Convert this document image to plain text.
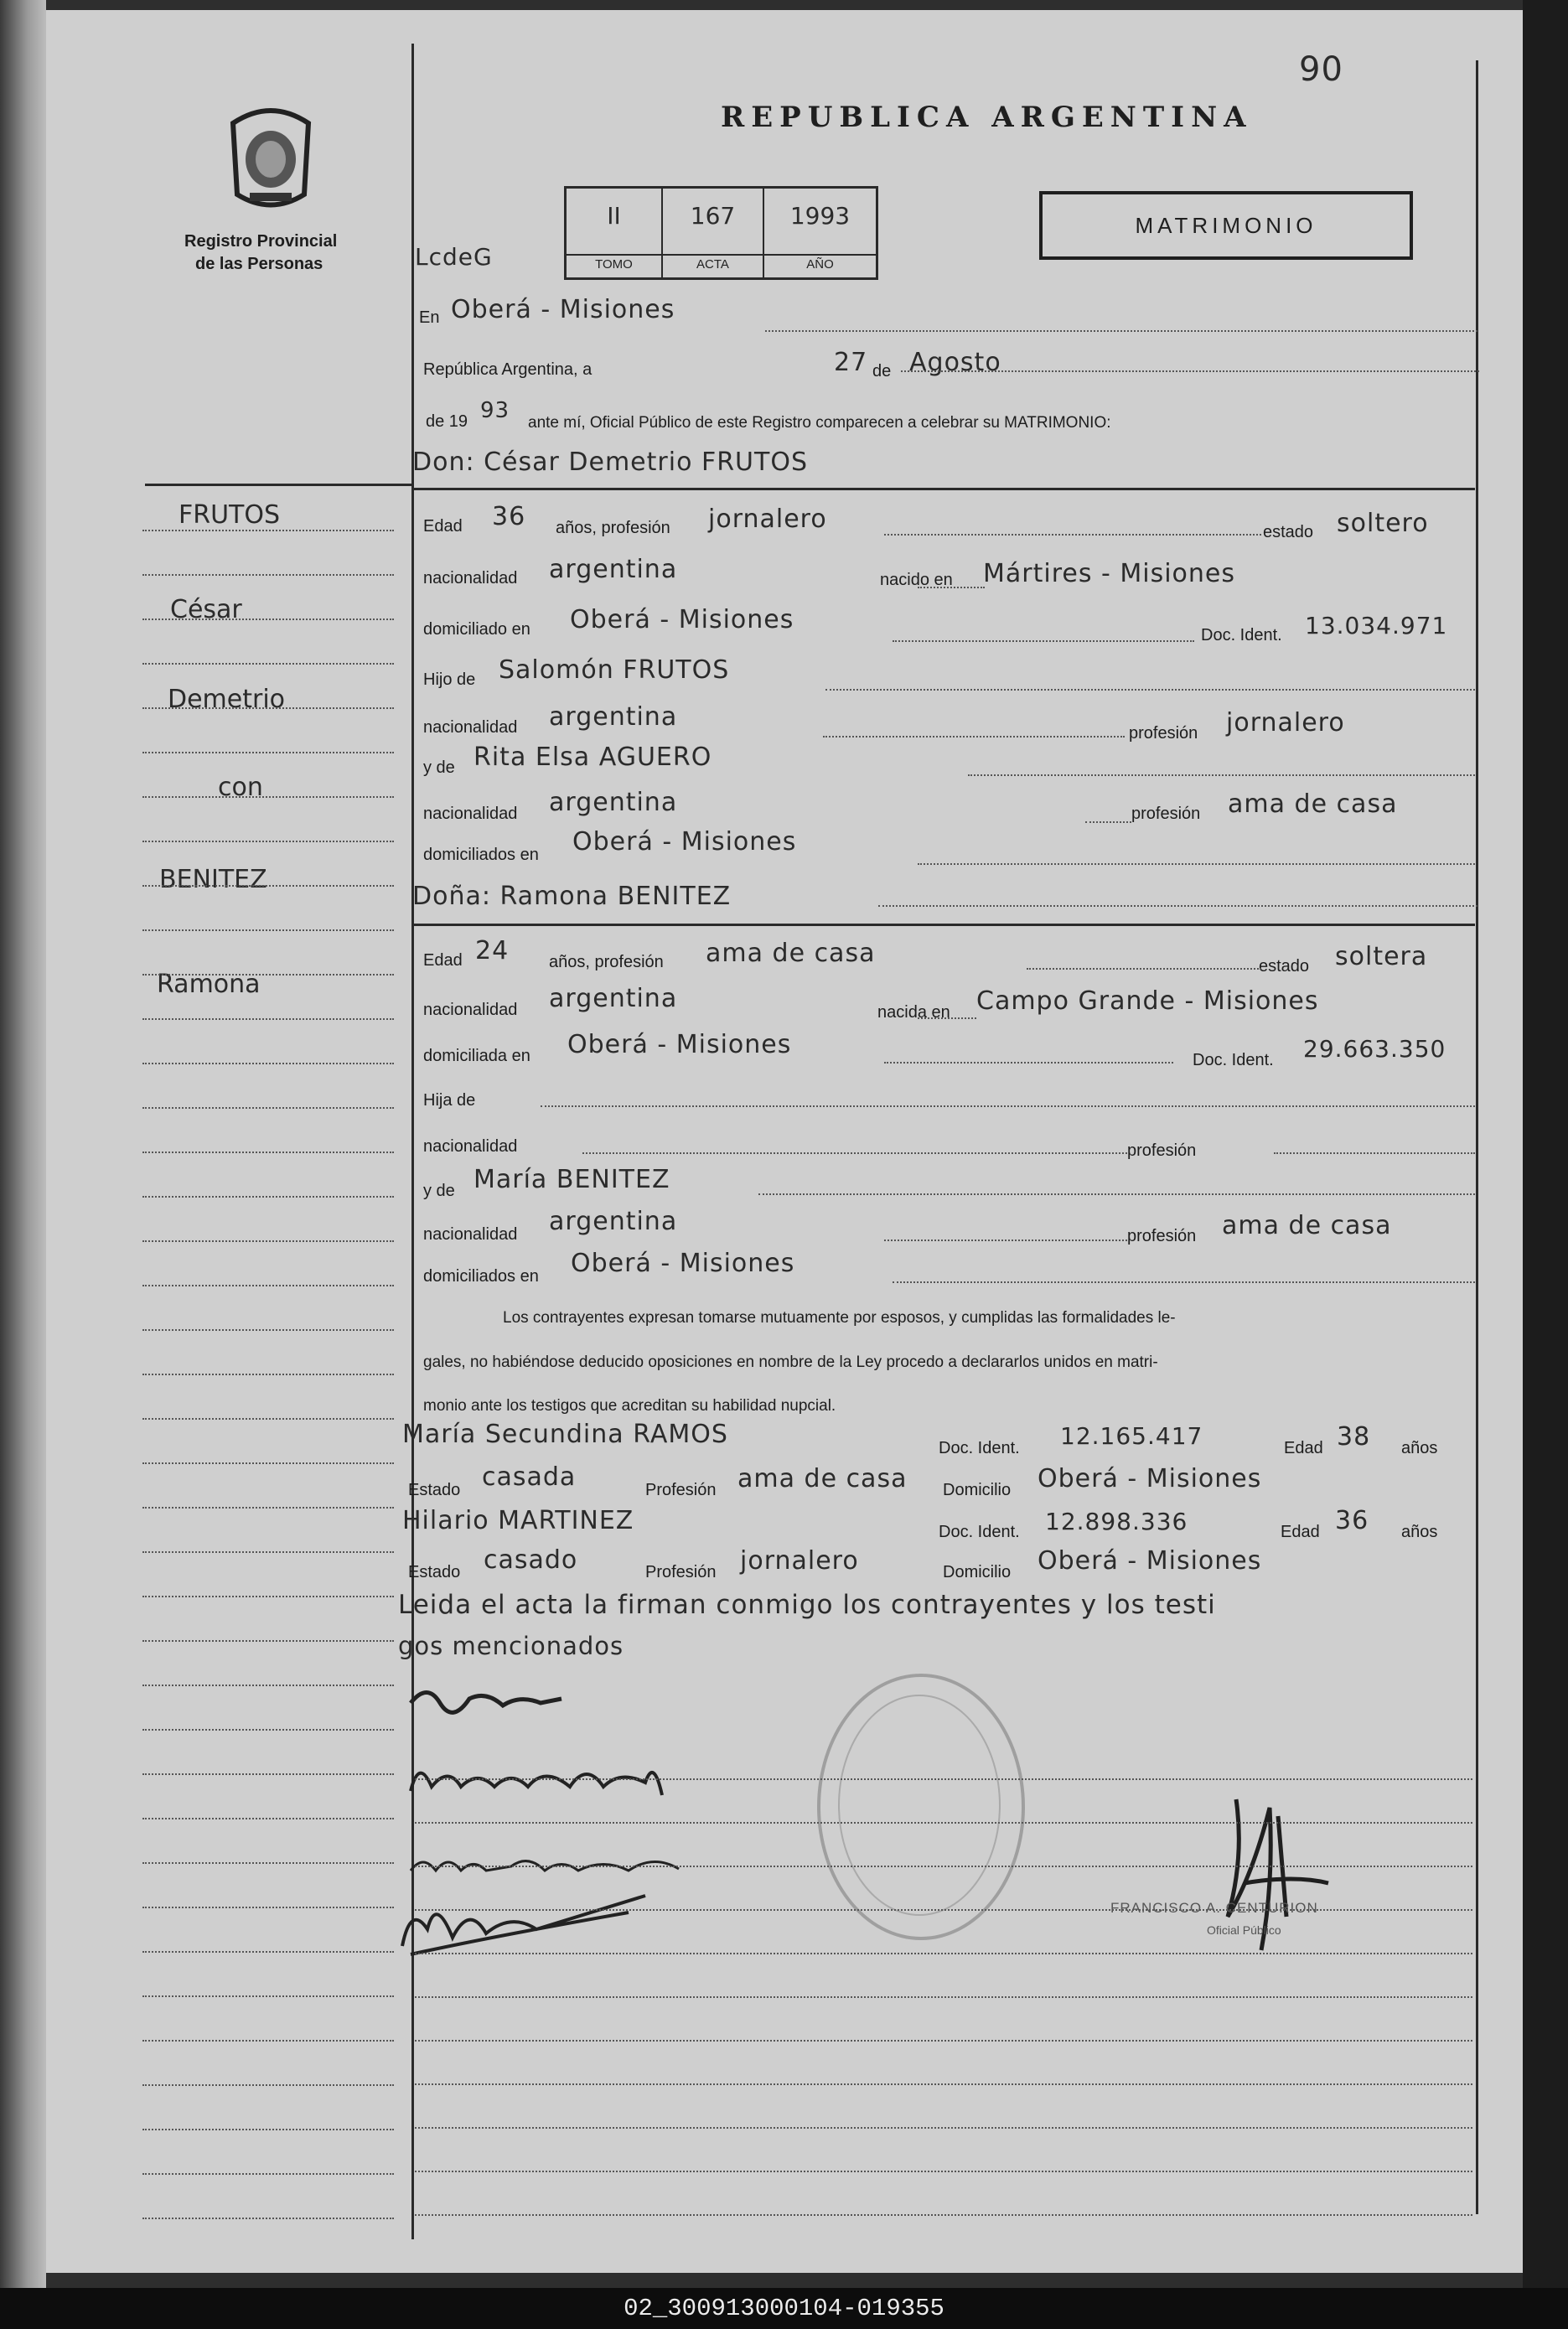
90
Registro Provincial
de las Personas
REPUBLICA ARGENTINA
LcdeG
II
TOMO
167
ACTA
1993
AÑO
MATRIMONIO
FRUTOS
César
Demetrio
con
BENITEZ
Ramona
En Oberá - Misiones
República Argentina, a	27 de Agosto
de 19 93 ante mí, Oficial Público de este Registro comparecen a celebrar su MATRIMONIO:
Don: César Demetrio FRUTOS
Edad 36 años, profesión jornalero	estado soltero
nacionalidad argentina	nacido en Mártires - Misiones
domiciliado en Oberá - Misiones
Doc. Ident. 13.034.971
Hijo de Salomón FRUTOS
nacionalidad argentina
profesión jornalero
y de Rita Elsa AGUERO
nacionalidad argentina	profesión ama de casa
domiciliados en Oberá - Misiones
Doña: Ramona BENITEZ
Edad 24 años, profesión ama de casa	estado soltera
nacionalidad argentina	nacida en Campo Grande - Misiones
domiciliada en Oberá - Misiones
Doc. Ident. 29.663.350
Hija de
nacionalidad	profesión
y de María BENITEZ
nacionalidad argentina	profesión ama de casa
domiciliados en Oberá - Misiones
Los contrayentes expresan tomarse mutuamente por esposos, y cumplidas las formalidades le-
gales, no habiéndose deducido oposiciones en nombre de la Ley procedo a declararlos unidos en matri-
monio ante los testigos que acreditan su habilidad nupcial.
María Secundina RAMOS	Doc. Ident. 12.165.417	Edad 38 años
Estado casada	Profesión ama de casa Domicilio Oberá - Misiones
Hilario MARTINEZ	Doc. Ident. 12.898.336	Edad 36 años
Estado casado	Profesión jornalero	Domicilio Oberá - Misiones
Leida el acta la firman conmigo los contrayentes y los testi
gos mencionados
FRANCISCO A. CENTURION
Oficial Público
02_300913000104-019355
